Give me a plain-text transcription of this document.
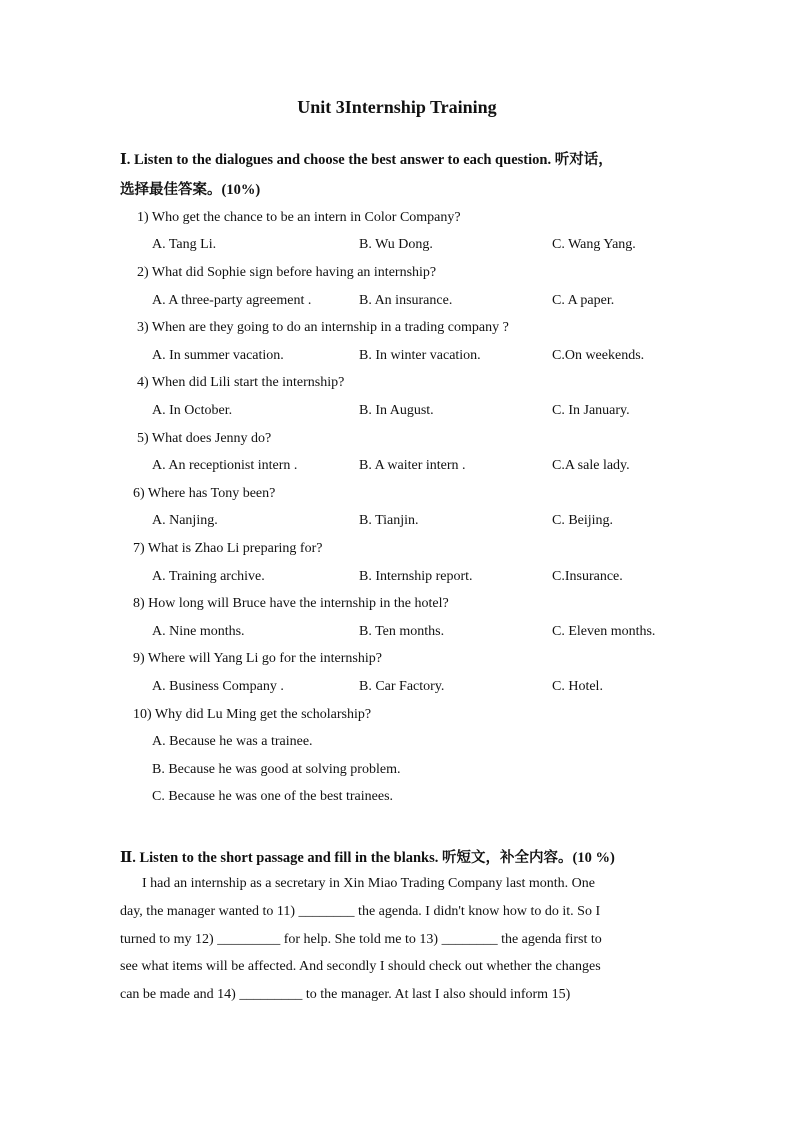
Unit 3Internship Training
Ⅰ. Listen to the dialogues and choose the best answer to each question. 听对话，
选择最佳答案。(10%)
1) Who get the chance to be an intern in Color Company?
A. Tang Li.	B. Wu Dong.	C. Wang Yang.
2) What did Sophie sign before having an internship?
A. A three-party agreement .	B. An insurance.	C. A paper.
3) When are they going to do an internship in a trading company ?
A. In summer vacation.	B. In winter vacation.	C.On weekends.
4) When did Lili start the internship?
A. In October.	B. In August.	C. In January.
5) What does Jenny do?
A. An receptionist intern .	B. A waiter intern .	C.A sale lady.
6) Where has Tony been?
A. Nanjing.	B. Tianjin.	C. Beijing.
7) What is Zhao Li preparing for?
A. Training archive.	B. Internship report.	C.Insurance.
8) How long will Bruce have the internship in the hotel?
A. Nine months.	B. Ten months.	C. Eleven months.
9) Where will Yang Li go for the internship?
A. Business Company .	B. Car Factory.	C. Hotel.
10) Why did Lu Ming get the scholarship?
A. Because he was a trainee.
B. Because he was good at solving problem.
C. Because he was one of the best trainees.
Ⅱ. Listen to the short passage and fill in the blanks. 听短文，补全内容。(10 %)
I had an internship as a secretary in Xin Miao Trading Company last month. One
day, the manager wanted to 11) ________ the agenda. I didn't know how to do it. So I
turned to my 12) _________ for help. She told me to 13) ________ the agenda first to
see what items will be affected. And secondly I should check out whether the changes
can be made and 14) _________ to the manager. At last I also should inform 15)
